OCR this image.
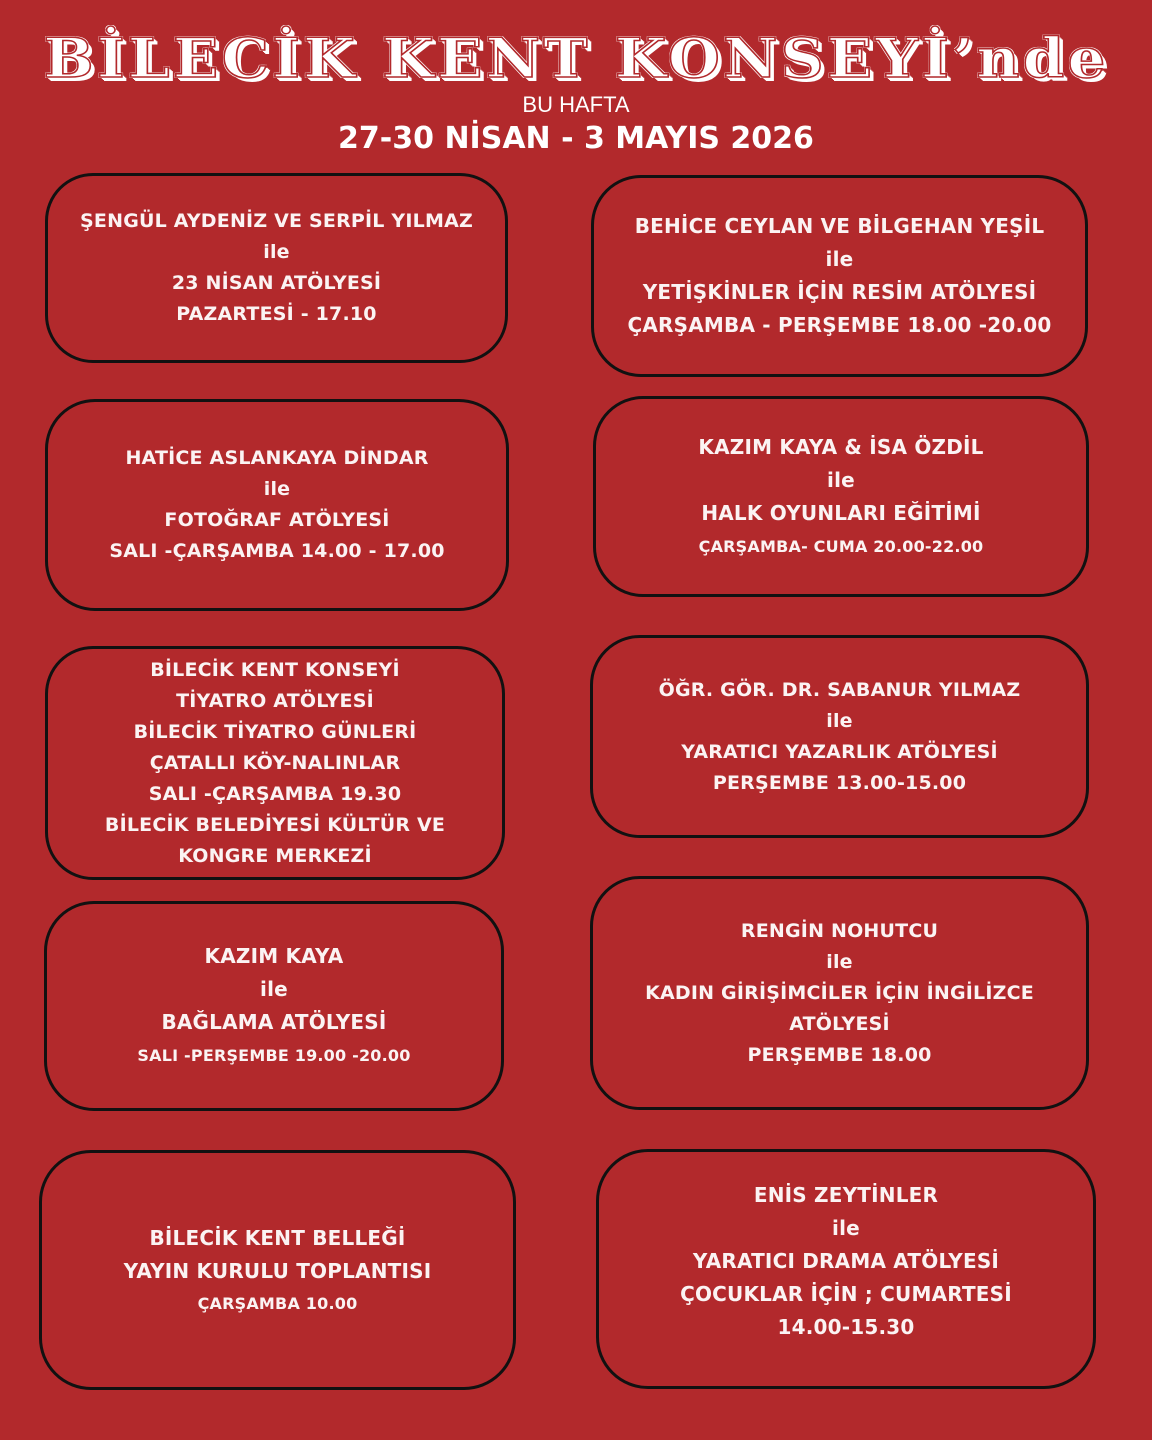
BİLECİK KENT KONSEYİ’nde
BU HAFTA
27-30 NİSAN - 3 MAYIS 2026
ŞENGÜL AYDENİZ VE SERPİL YILMAZ
ile
23 NİSAN ATÖLYESİ
PAZARTESİ - 17.10
BEHİCE CEYLAN VE BİLGEHAN YEŞİL
ile
YETİŞKİNLER İÇİN RESİM ATÖLYESİ
ÇARŞAMBA - PERŞEMBE 18.00 -20.00
HATİCE ASLANKAYA DİNDAR
ile
FOTOĞRAF ATÖLYESİ
SALI -ÇARŞAMBA 14.00 - 17.00
KAZIM KAYA & İSA ÖZDİL
ile
HALK OYUNLARI EĞİTİMİ
ÇARŞAMBA- CUMA 20.00-22.00
BİLECİK KENT KONSEYİ
TİYATRO ATÖLYESİ
BİLECİK TİYATRO GÜNLERİ
ÇATALLI KÖY-NALINLAR
SALI -ÇARŞAMBA 19.30
BİLECİK BELEDİYESİ KÜLTÜR VE
KONGRE MERKEZİ
ÖĞR. GÖR. DR. SABANUR YILMAZ
ile
YARATICI YAZARLIK ATÖLYESİ
PERŞEMBE 13.00-15.00
KAZIM KAYA
ile
BAĞLAMA ATÖLYESİ
SALI -PERŞEMBE 19.00 -20.00
RENGİN NOHUTCU
ile
KADIN GİRİŞİMCİLER İÇİN İNGİLİZCE
ATÖLYESİ
PERŞEMBE 18.00
BİLECİK KENT BELLEĞİ
YAYIN KURULU TOPLANTISI
ÇARŞAMBA 10.00
ENİS ZEYTİNLER
ile
YARATICI DRAMA ATÖLYESİ
ÇOCUKLAR İÇİN ; CUMARTESİ
14.00-15.30
